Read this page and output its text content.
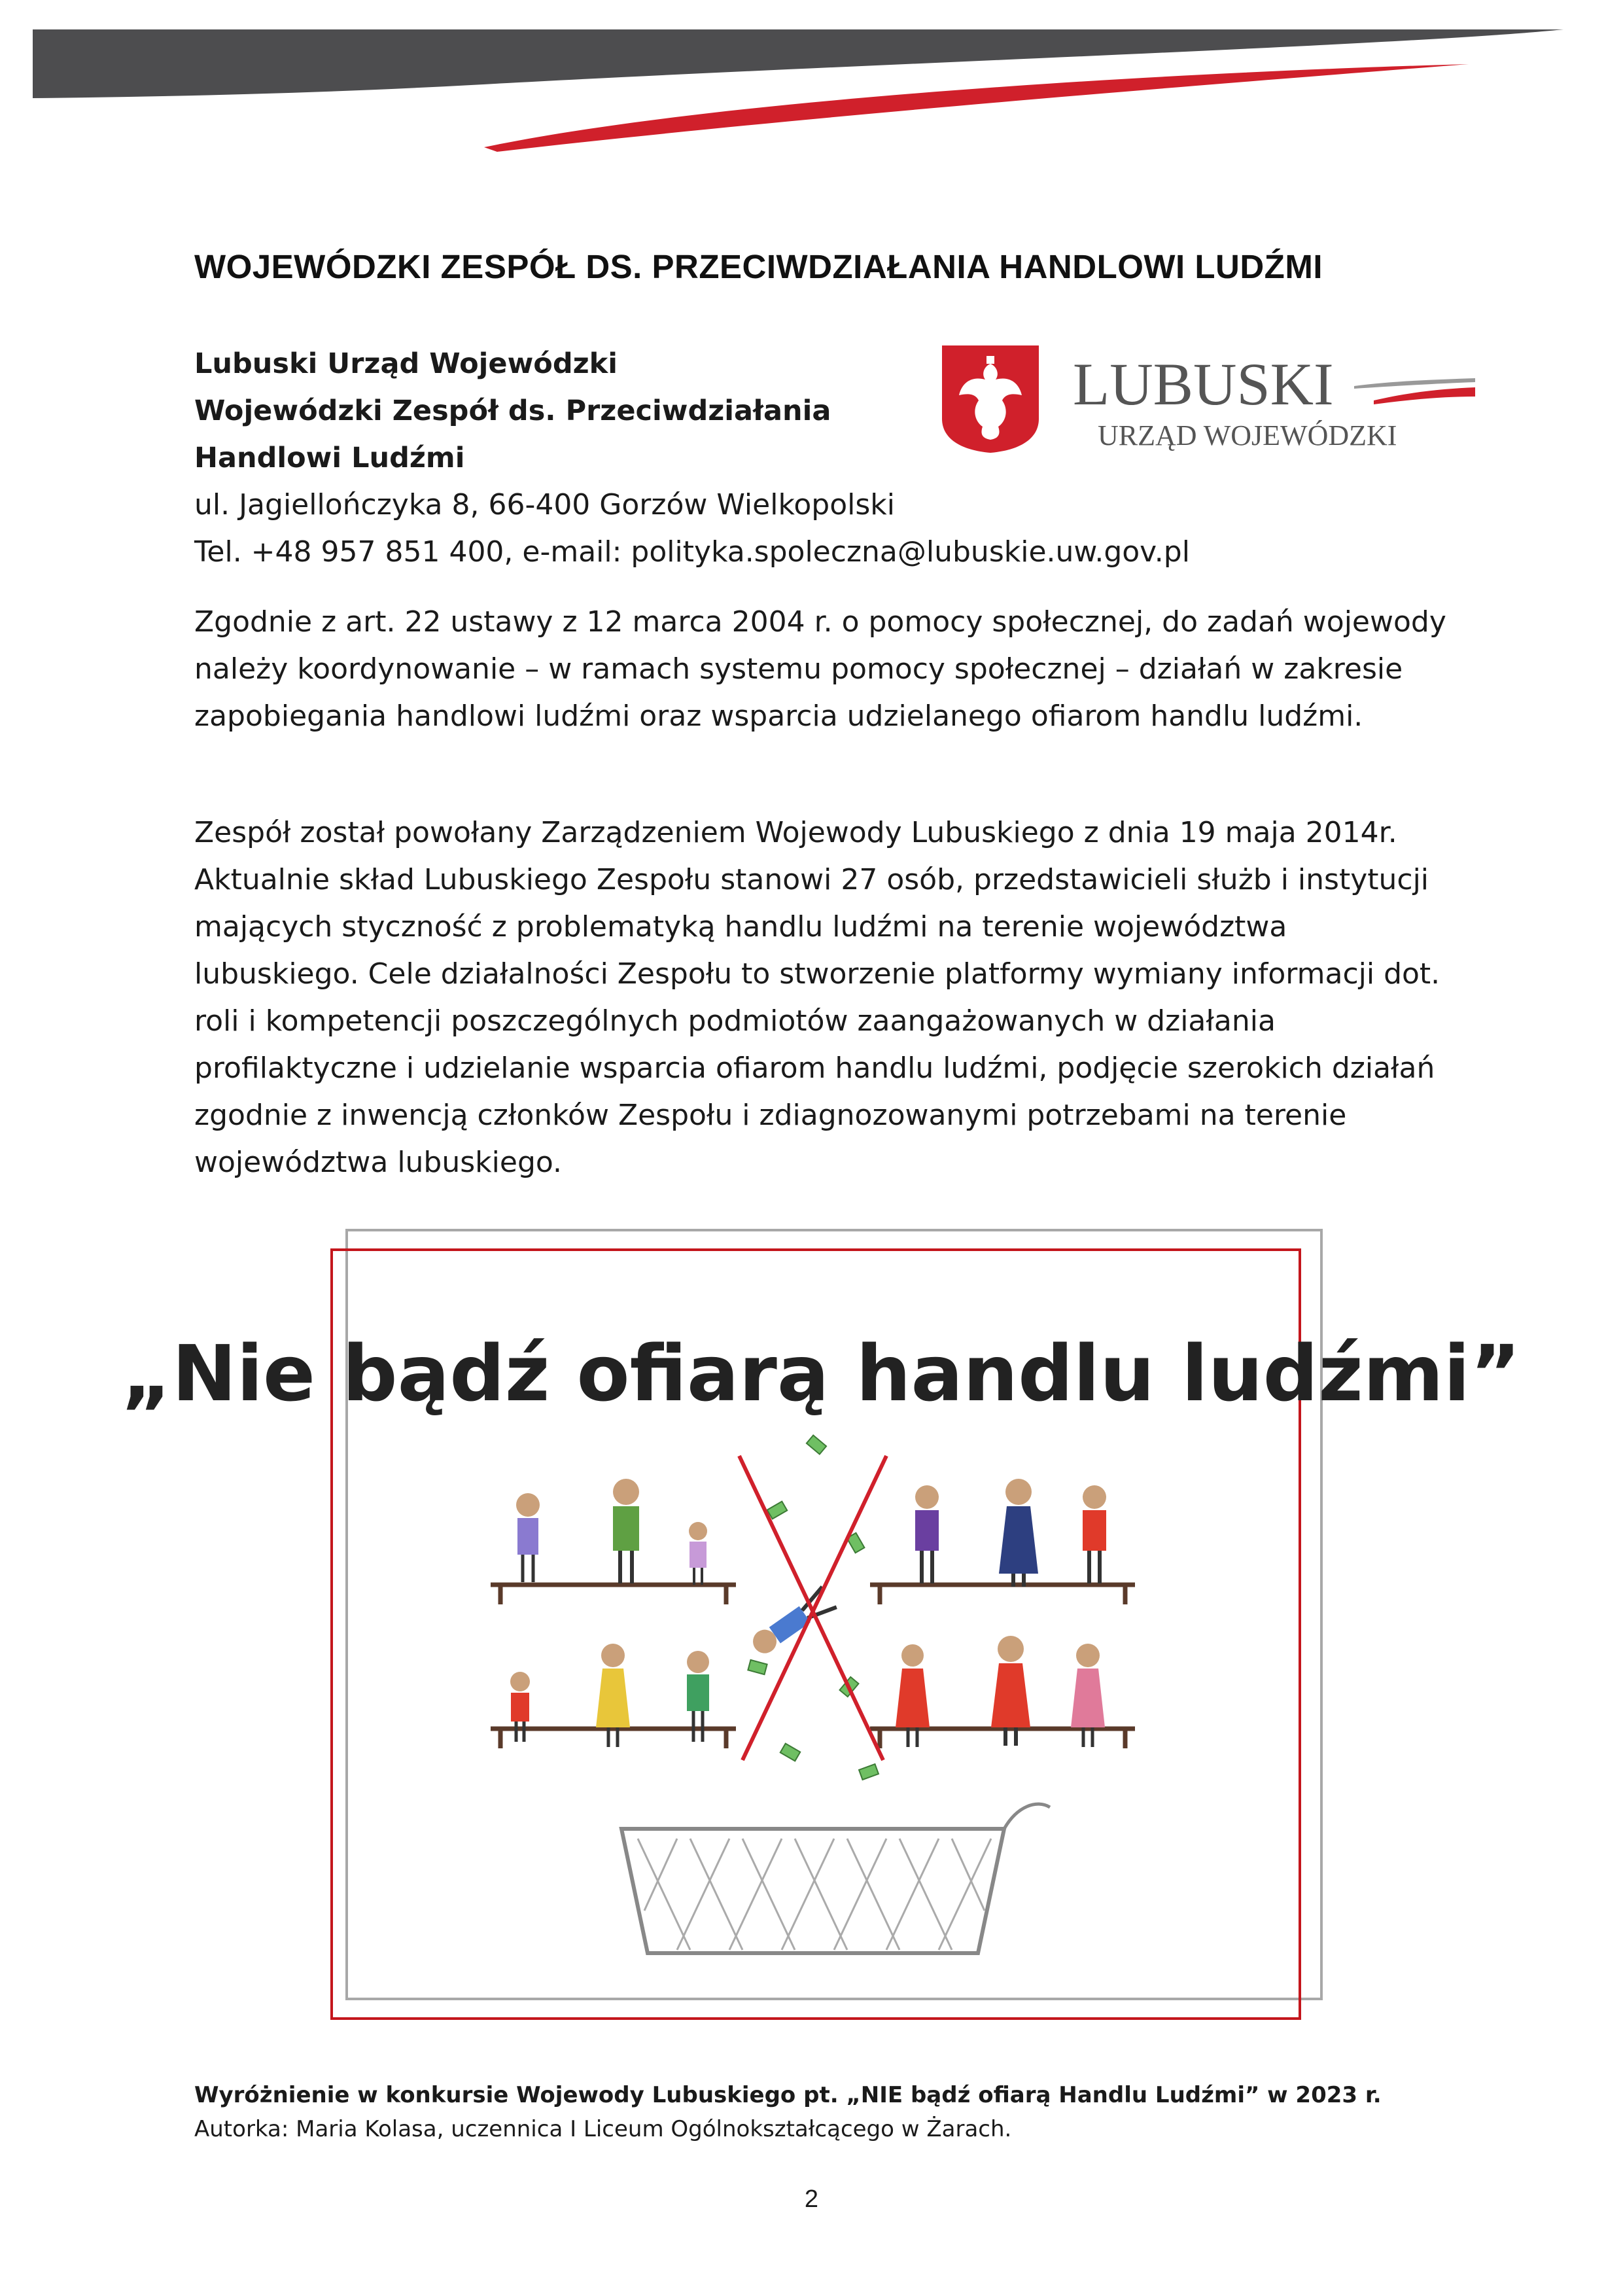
WOJEWÓDZKI ZESPÓŁ DS. PRZECIWDZIAŁANIA HANDLOWI LUDŹMI
Lubuski Urząd Wojewódzki
Wojewódzki Zespół ds. Przeciwdziałania
Handlowi Ludźmi
ul. Jagiellończyka 8, 66-400 Gorzów Wielkopolski
Tel. +48 957 851 400, e-mail: polityka.spoleczna@lubuskie.uw.gov.pl
LUBUSKI
URZĄD WOJEWÓDZKI

Zgodnie z art. 22 ustawy z 12 marca 2004 r. o pomocy społecznej, do zadań wojewody należy koordynowanie – w ramach systemu pomocy społecznej – działań w zakresie zapobiegania handlowi ludźmi oraz wsparcia udzielanego ofiarom handlu ludźmi.

Zespół został powołany Zarządzeniem Wojewody Lubuskiego z dnia 19 maja 2014r. Aktualnie skład Lubuskiego Zespołu stanowi 27 osób, przedstawicieli służb i instytucji mających styczność z problematyką handlu ludźmi na terenie województwa lubuskiego. Cele działalności Zespołu to stworzenie platformy wymiany informacji dot. roli i kompetencji poszczególnych podmiotów zaangażowanych w działania profilaktyczne i udzielanie wsparcia ofiarom handlu ludźmi, podjęcie szerokich działań zgodnie z inwencją członków Zespołu i zdiagnozowanymi potrzebami na terenie województwa lubuskiego.

„Nie bądź ofiarą handlu ludźmi”
Wyróżnienie w konkursie Wojewody Lubuskiego pt. „NIE bądź ofiarą Handlu Ludźmi” w 2023 r.
Autorka: Maria Kolasa, uczennica I Liceum Ogólnokształcącego w Żarach.
2
